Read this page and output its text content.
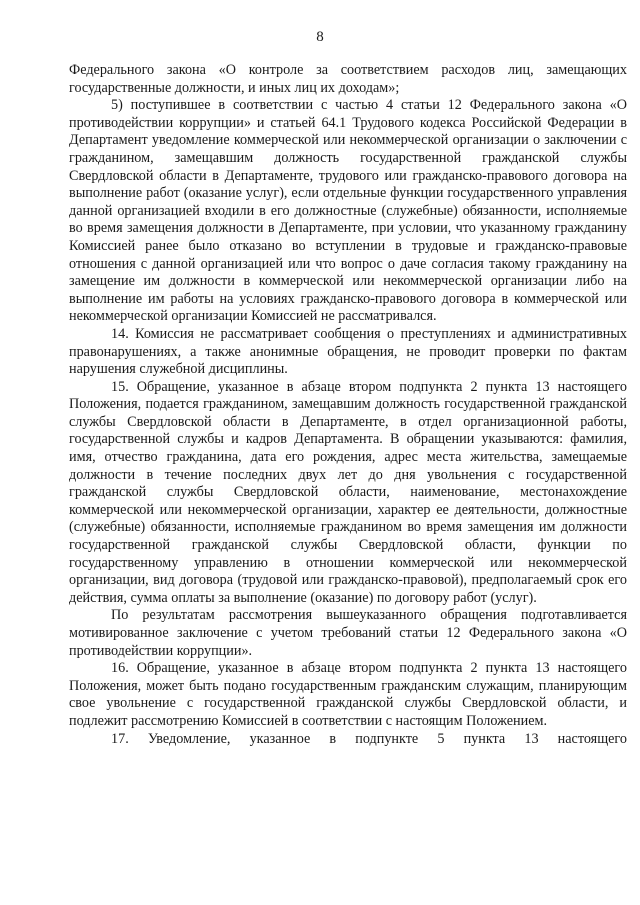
8

Федерального закона «О контроле за соответствием расходов лиц, замещающих государственные должности, и иных лиц их доходам»;

5) поступившее в соответствии с частью 4 статьи 12 Федерального закона «О противодействии коррупции» и статьей 64.1 Трудового кодекса Российской Федерации в Департамент уведомление коммерческой или некоммерческой организации о заключении с гражданином, замещавшим должность государственной гражданской службы Свердловской области в Департаменте, трудового или гражданско-правового договора на выполнение работ (оказание услуг), если отдельные функции государственного управления данной организацией входили в его должностные (служебные) обязанности, исполняемые во время замещения должности в Департаменте, при условии, что указанному гражданину Комиссией ранее было отказано во вступлении в трудовые и гражданско-правовые отношения с данной организацией или что вопрос о даче согласия такому гражданину на замещение им должности в коммерческой или некоммерческой организации либо на выполнение им работы на условиях гражданско-правового договора в коммерческой или некоммерческой организации Комиссией не рассматривался.

14. Комиссия не рассматривает сообщения о преступлениях и административных правонарушениях, а также анонимные обращения, не проводит проверки по фактам нарушения служебной дисциплины.

15. Обращение, указанное в абзаце втором подпункта 2 пункта 13 настоящего Положения, подается гражданином, замещавшим должность государственной гражданской службы Свердловской области в Департаменте, в отдел организационной работы, государственной службы и кадров Департамента. В обращении указываются: фамилия, имя, отчество гражданина, дата его рождения, адрес места жительства, замещаемые должности в течение последних двух лет до дня увольнения с государственной гражданской службы Свердловской области, наименование, местонахождение коммерческой или некоммерческой организации, характер ее деятельности, должностные (служебные) обязанности, исполняемые гражданином во время замещения им должности государственной гражданской службы Свердловской области, функции по государственному управлению в отношении коммерческой или некоммерческой организации, вид договора (трудовой или гражданско-правовой), предполагаемый срок его действия, сумма оплаты за выполнение (оказание) по договору работ (услуг).

По результатам рассмотрения вышеуказанного обращения подготавливается мотивированное заключение с учетом требований статьи 12 Федерального закона «О противодействии коррупции».

16. Обращение, указанное в абзаце втором подпункта 2 пункта 13 настоящего Положения, может быть подано государственным гражданским служащим, планирующим свое увольнение с государственной гражданской службы Свердловской области, и подлежит рассмотрению Комиссией в соответствии с настоящим Положением.

17. Уведомление, указанное в подпункте 5 пункта 13 настоящего
